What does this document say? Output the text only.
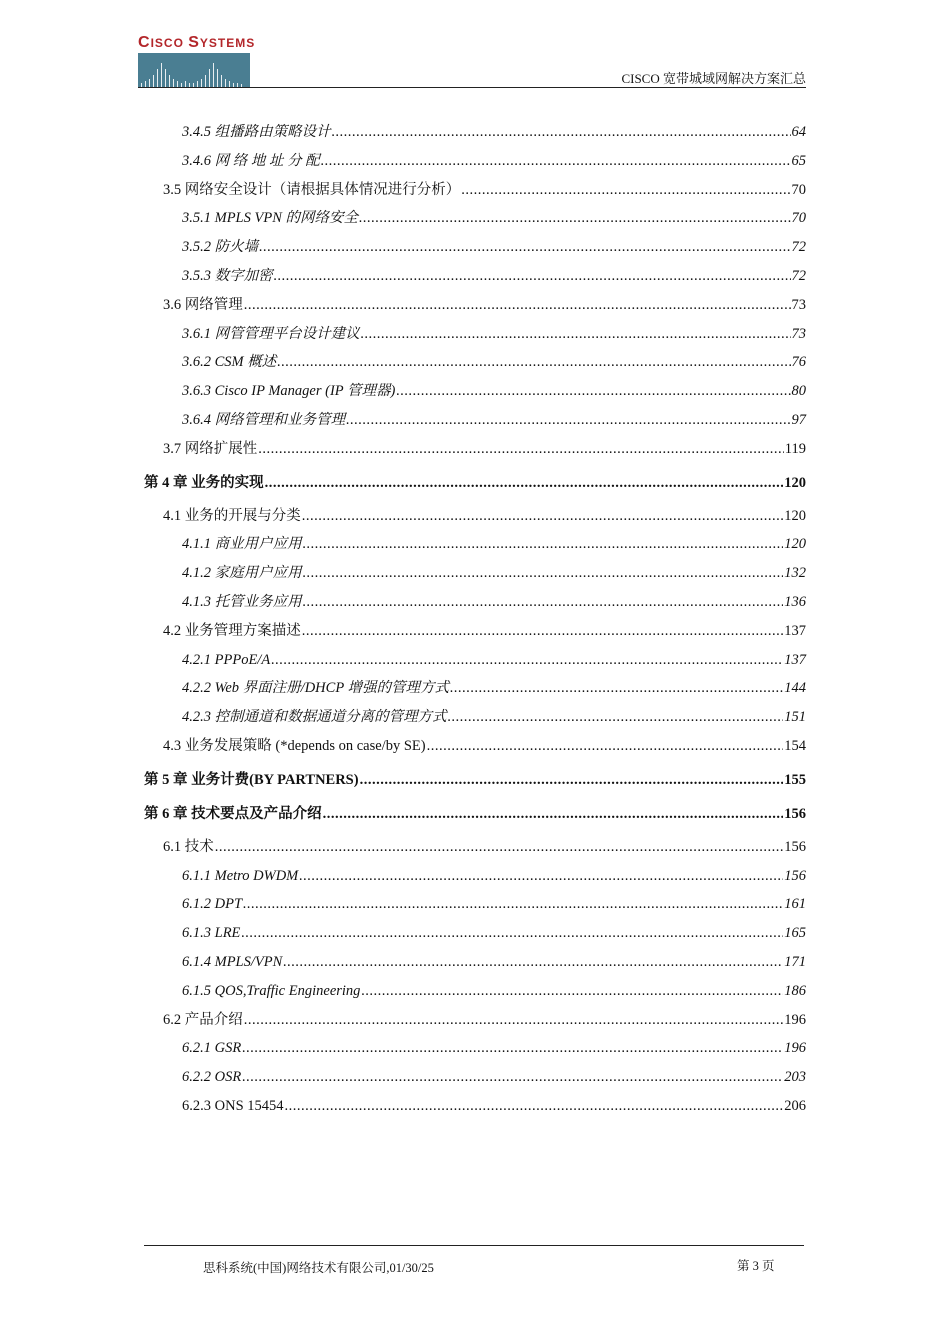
CISCO SYSTEMS
CISCO 宽带城域网解决方案汇总
3.4.5 组播路由策略设计 .....	64
3.4.6 网 络 地 址 分 配 .....	65
3.5 网络安全设计（请根据具体情况进行分析） .....	70
3.5.1 MPLS VPN 的网络安全 .....	70
3.5.2 防火墙 .....	72
3.5.3 数字加密 .....	72
3.6 网络管理 .....	73
3.6.1 网管管理平台设计建议 .....	73
3.6.2 CSM 概述 .....	76
3.6.3 Cisco IP Manager (IP 管理器) .....	80
3.6.4 网络管理和业务管理 .....	97
3.7 网络扩展性 .....	119
第 4 章 业务的实现 .....	120
4.1 业务的开展与分类 .....	120
4.1.1 商业用户应用 .....	120
4.1.2 家庭用户应用 .....	132
4.1.3 托管业务应用 .....	136
4.2 业务管理方案描述 .....	137
4.2.1 PPPoE/A .....	137
4.2.2 Web 界面注册/DHCP 增强的管理方式 .....	144
4.2.3 控制通道和数据通道分离的管理方式 .....	151
4.3 业务发展策略 (*depends on case/by SE) .....	154
第 5 章 业务计费(BY PARTNERS) .....	155
第 6 章 技术要点及产品介绍 .....	156
6.1 技术 .....	156
6.1.1 Metro DWDM .....	156
6.1.2 DPT .....	161
6.1.3 LRE .....	165
6.1.4 MPLS/VPN .....	171
6.1.5 QOS,Traffic Engineering .....	186
6.2 产品介绍 .....	196
6.2.1 GSR .....	196
6.2.2 OSR .....	203
6.2.3 ONS 15454 .....	206
思科系统(中国)网络技术有限公司,01/30/25	第 3 页
